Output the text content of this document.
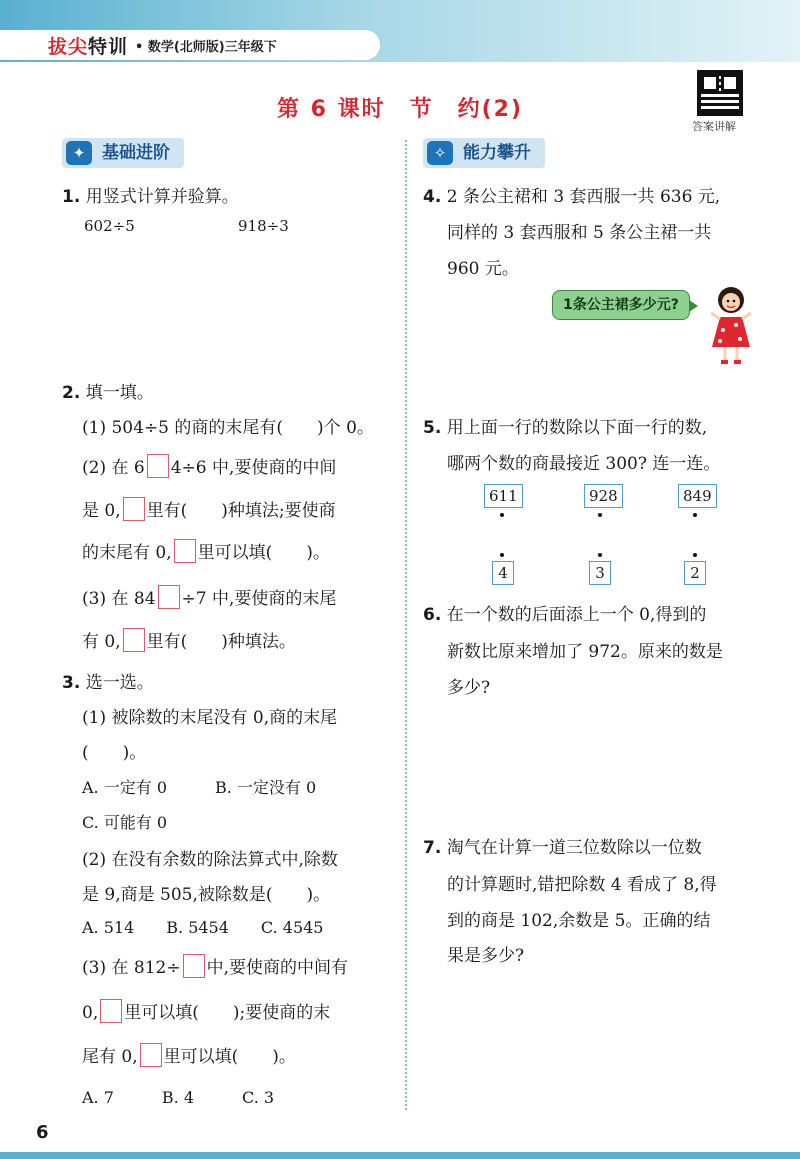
拔尖特训 • 数学(北师版)三年级下
第 6 课时　节　约(2)
答案讲解
✦ 基础进阶	✧ 能力攀升
1. 用竖式计算并验算。
602÷5	918÷3
2. 填一填。
(1) 504÷5 的商的末尾有(　　)个 0。
(2) 在 6 4÷6 中,要使商的中间
是 0, 里有(　　)种填法;要使商
的末尾有 0, 里可以填(　　)。
(3) 在 84 ÷7 中,要使商的末尾
有 0, 里有(　　)种填法。
3. 选一选。
(1) 被除数的末尾没有 0,商的末尾
(　　)。
A. 一定有 0　　　B. 一定没有 0
C. 可能有 0
(2) 在没有余数的除法算式中,除数
是 9,商是 505,被除数是(　　)。
A. 514　　B. 5454　　C. 4545
(3) 在 812÷ 中,要使商的中间有
0, 里可以填(　　);要使商的末
尾有 0, 里可以填(　　)。
A. 7　　　B. 4　　　C. 3
4. 2 条公主裙和 3 套西服一共 636 元,
同样的 3 套西服和 5 条公主裙一共
960 元。
1条公主裙多少元?
5. 用上面一行的数除以下面一行的数,
哪两个数的商最接近 300? 连一连。
611	928	849
4	3	2
6. 在一个数的后面添上一个 0,得到的
新数比原来增加了 972。原来的数是
多少?
7. 淘气在计算一道三位数除以一位数
的计算题时,错把除数 4 看成了 8,得
到的商是 102,余数是 5。正确的结
果是多少?
6
